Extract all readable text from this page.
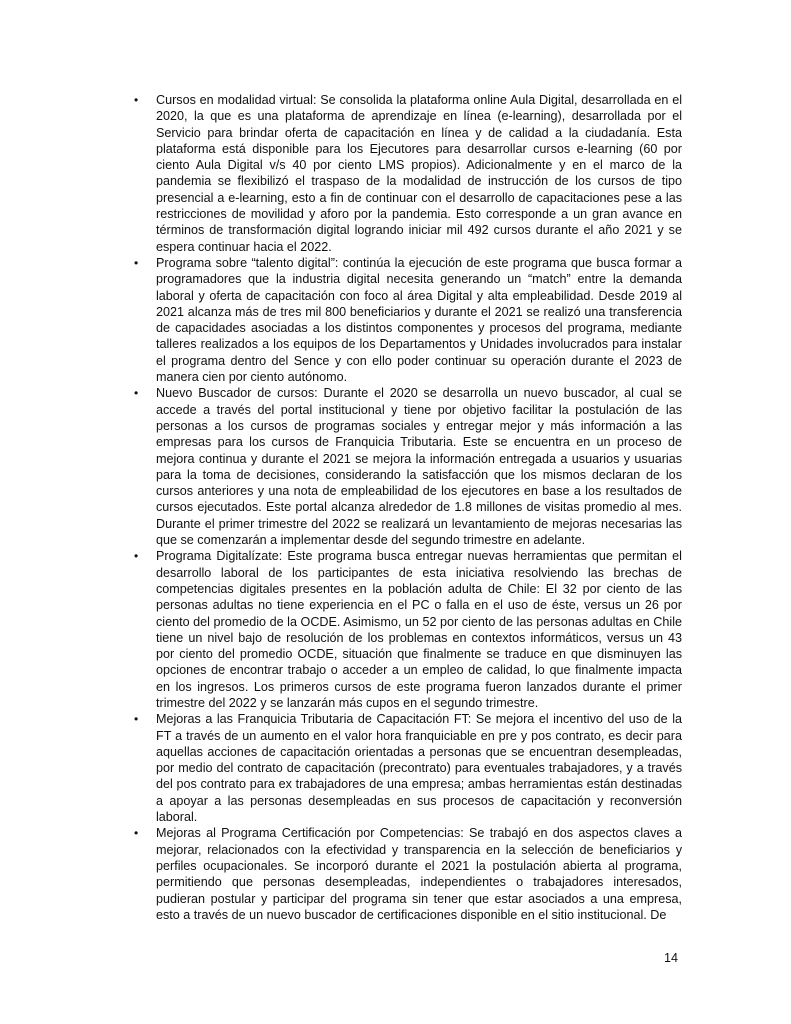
•	Cursos en modalidad virtual: Se consolida la plataforma online Aula Digital, desarrollada en el 2020, la que es una plataforma de aprendizaje en línea (e-learning), desarrollada por el Servicio para brindar oferta de capacitación en línea y de calidad a la ciudadanía. Esta plataforma está disponible para los Ejecutores para desarrollar cursos e-learning (60 por ciento Aula Digital v/s 40 por ciento LMS propios). Adicionalmente y en el marco de la pandemia se flexibilizó el traspaso de la modalidad de instrucción de los cursos de tipo presencial a e-learning, esto a fin de continuar con el desarrollo de capacitaciones pese a las restricciones de movilidad y aforo por la pandemia. Esto corresponde a un gran avance en términos de transformación digital logrando iniciar mil 492 cursos durante el año 2021 y se espera continuar hacia el 2022.
•	Programa sobre “talento digital”: continúa la ejecución de este programa que busca formar a programadores que la industria digital necesita generando un “match” entre la demanda laboral y oferta de capacitación con foco al área Digital y alta empleabilidad. Desde 2019 al 2021 alcanza más de tres mil 800 beneficiarios y durante el 2021 se realizó una transferencia de capacidades asociadas a los distintos componentes y procesos del programa, mediante talleres realizados a los equipos de los Departamentos y Unidades involucrados para instalar el programa dentro del Sence y con ello poder continuar su operación durante el 2023 de manera cien por ciento autónomo.
•	Nuevo Buscador de cursos: Durante el 2020 se desarrolla un nuevo buscador, al cual se accede a través del portal institucional y tiene por objetivo facilitar la postulación de las personas a los cursos de programas sociales y entregar mejor y más información a las empresas para los cursos de Franquicia Tributaria. Este se encuentra en un proceso de mejora continua y durante el 2021 se mejora la información entregada a usuarios y usuarias para la toma de decisiones, considerando la satisfacción que los mismos declaran de los cursos anteriores y una nota de empleabilidad de los ejecutores en base a los resultados de cursos ejecutados. Este portal alcanza alrededor de 1.8 millones de visitas promedio al mes. Durante el primer trimestre del 2022 se realizará un levantamiento de mejoras necesarias las que se comenzarán a implementar desde del segundo trimestre en adelante.
•	Programa Digitalízate: Este programa busca entregar nuevas herramientas que permitan el desarrollo laboral de los participantes de esta iniciativa resolviendo las brechas de competencias digitales presentes en la población adulta de Chile: El 32 por ciento de las personas adultas no tiene experiencia en el PC o falla en el uso de éste, versus un 26 por ciento del promedio de la OCDE. Asimismo, un 52 por ciento de las personas adultas en Chile tiene un nivel bajo de resolución de los problemas en contextos informáticos, versus un 43 por ciento del promedio OCDE, situación que finalmente se traduce en que disminuyen las opciones de encontrar trabajo o acceder a un empleo de calidad, lo que finalmente impacta en los ingresos. Los primeros cursos de este programa fueron lanzados durante el primer trimestre del 2022 y se lanzarán más cupos en el segundo trimestre.
•	Mejoras a las Franquicia Tributaria de Capacitación FT: Se mejora el incentivo del uso de la FT a través de un aumento en el valor hora franquiciable en pre y pos contrato, es decir para aquellas acciones de capacitación orientadas a personas que se encuentran desempleadas, por medio del contrato de capacitación (precontrato) para eventuales trabajadores, y a través del pos contrato para ex trabajadores de una empresa; ambas herramientas están destinadas a apoyar a las personas desempleadas en sus procesos de capacitación y reconversión laboral.
•	Mejoras al Programa Certificación por Competencias: Se trabajó en dos aspectos claves a mejorar, relacionados con la efectividad y transparencia en la selección de beneficiarios y perfiles ocupacionales. Se incorporó durante el 2021 la postulación abierta al programa, permitiendo que personas desempleadas, independientes o trabajadores interesados, pudieran postular y participar del programa sin tener que estar asociados a una empresa, esto a través de un nuevo buscador de certificaciones disponible en el sitio institucional. De
14
